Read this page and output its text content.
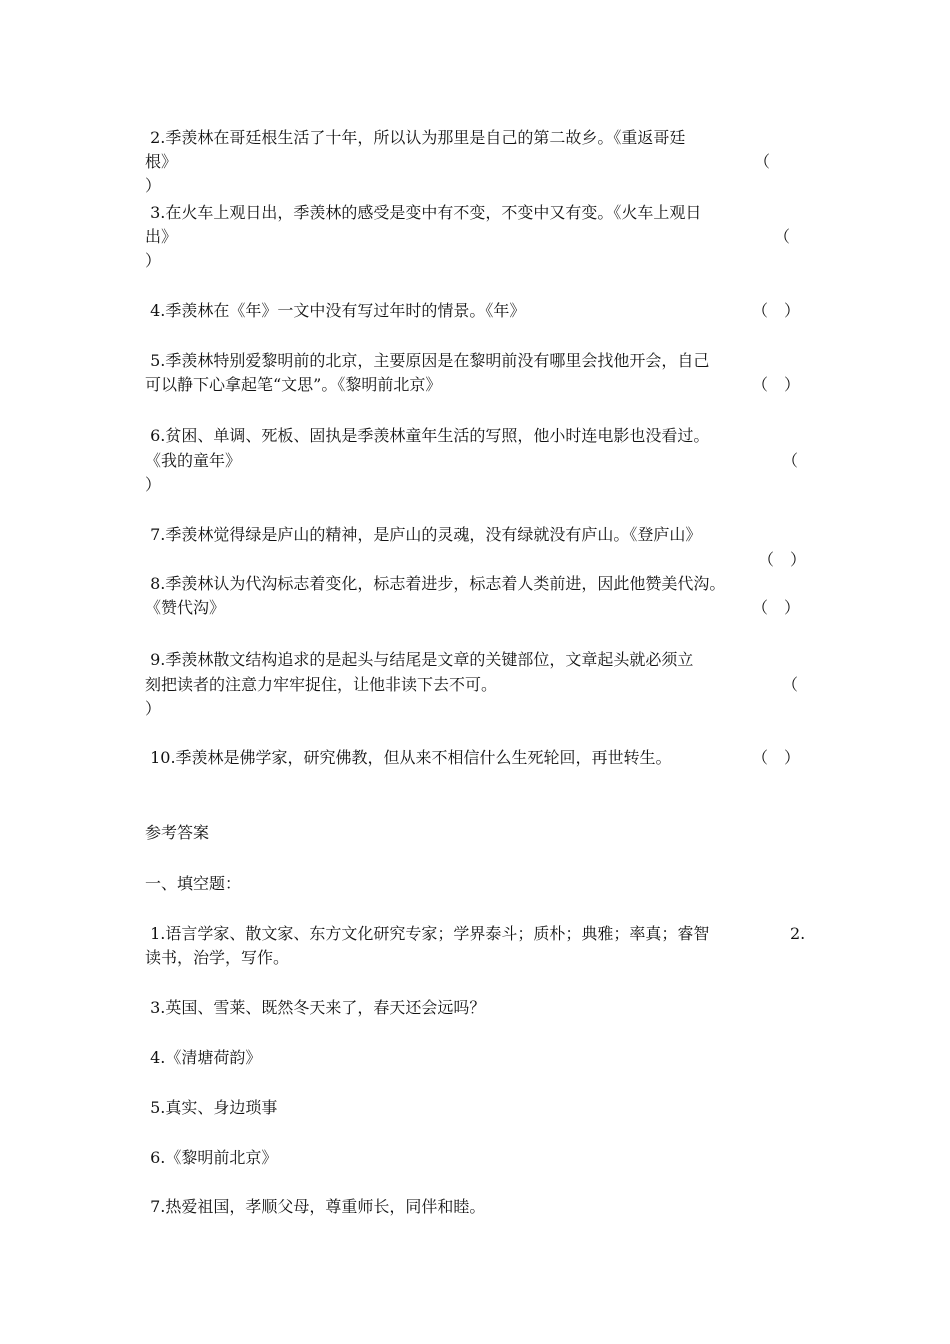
2.季羡林在哥廷根生活了十年，所以认为那里是自己的第二故乡。《重返哥廷
根》	（
）
3.在火车上观日出，季羡林的感受是变中有不变，不变中又有变。《火车上观日
出》	（
）
4.季羡林在《年》一文中没有写过年时的情景。《年》	（　）
5.季羡林特别爱黎明前的北京，主要原因是在黎明前没有哪里会找他开会，自己
可以静下心拿起笔“文思”。《黎明前北京》	（　）
6.贫困、单调、死板、固执是季羡林童年生活的写照，他小时连电影也没看过。
《我的童年》	（
）
7.季羡林觉得绿是庐山的精神，是庐山的灵魂，没有绿就没有庐山。《登庐山》
（　）
8.季羡林认为代沟标志着变化，标志着进步，标志着人类前进，因此他赞美代沟。
《赞代沟》	（　）
9.季羡林散文结构追求的是起头与结尾是文章的关键部位，文章起头就必须立
刻把读者的注意力牢牢捉住，让他非读下去不可。	（
）
10.季羡林是佛学家，研究佛教，但从来不相信什么生死轮回，再世转生。	（　）
参考答案
一、填空题：
1.语言学家、散文家、东方文化研究专家；学界泰斗；质朴；典雅；率真；睿智	2.
读书，治学，写作。
3.英国、雪莱、既然冬天来了，春天还会远吗？
4.《清塘荷韵》
5.真实、身边琐事
6.《黎明前北京》
7.热爱祖国，孝顺父母，尊重师长，同伴和睦。
